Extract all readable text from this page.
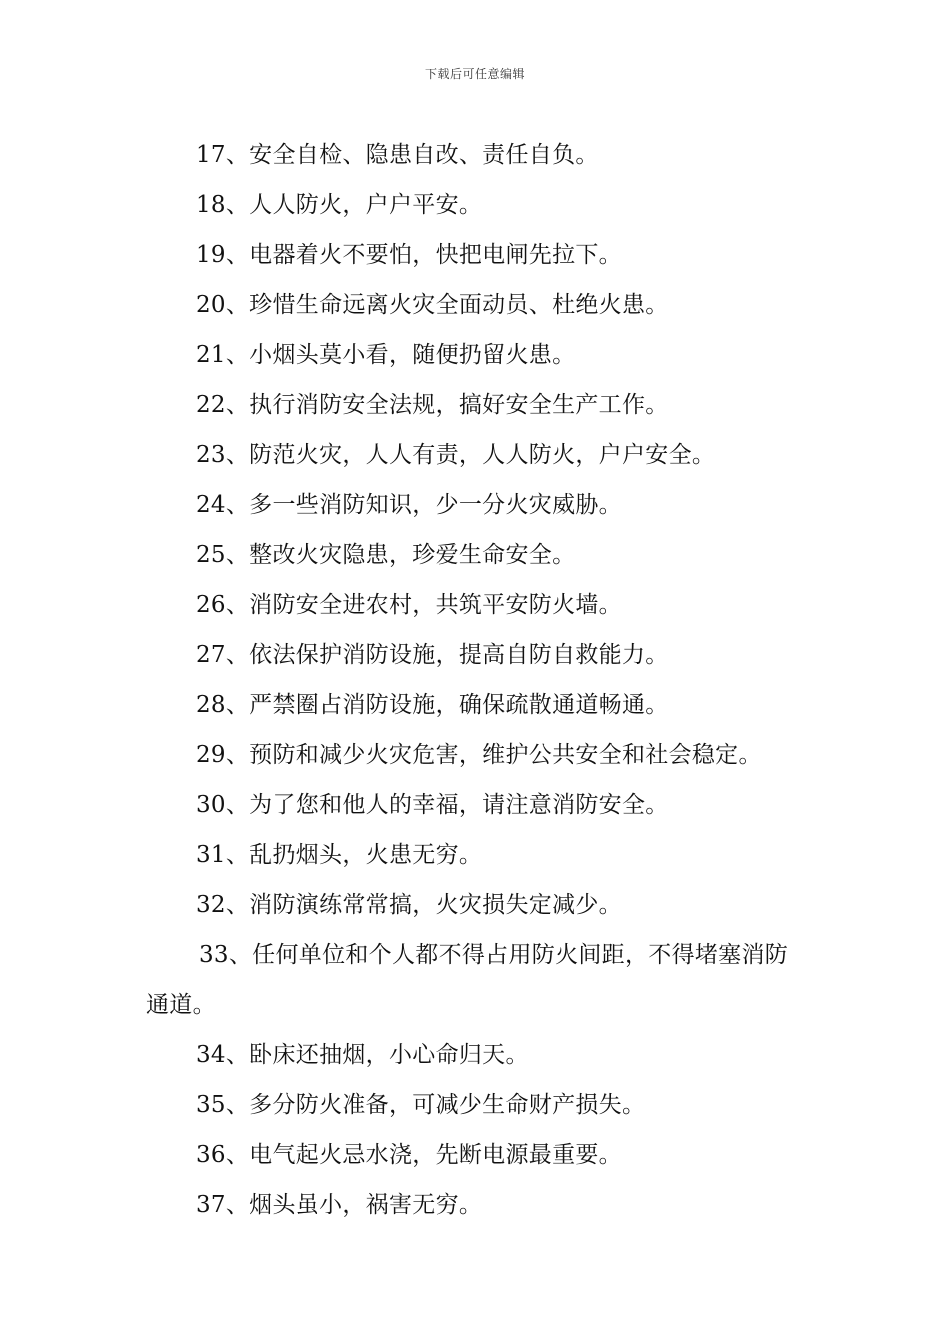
下载后可任意编辑
17、安全自检、隐患自改、责任自负。
18、人人防火，户户平安。
19、电器着火不要怕，快把电闸先拉下。
20、珍惜生命远离火灾全面动员、杜绝火患。
21、小烟头莫小看，随便扔留火患。
22、执行消防安全法规，搞好安全生产工作。
23、防范火灾，人人有责，人人防火，户户安全。
24、多一些消防知识，少一分火灾威胁。
25、整改火灾隐患，珍爱生命安全。
26、消防安全进农村，共筑平安防火墙。
27、依法保护消防设施，提高自防自救能力。
28、严禁圈占消防设施，确保疏散通道畅通。
29、预防和减少火灾危害，维护公共安全和社会稳定。
30、为了您和他人的幸福，请注意消防安全。
31、乱扔烟头，火患无穷。
32、消防演练常常搞，火灾损失定减少。
33、任何单位和个人都不得占用防火间距，不得堵塞消防通道。
34、卧床还抽烟，小心命归天。
35、多分防火准备，可减少生命财产损失。
36、电气起火忌水浇，先断电源最重要。
37、烟头虽小，祸害无穷。
